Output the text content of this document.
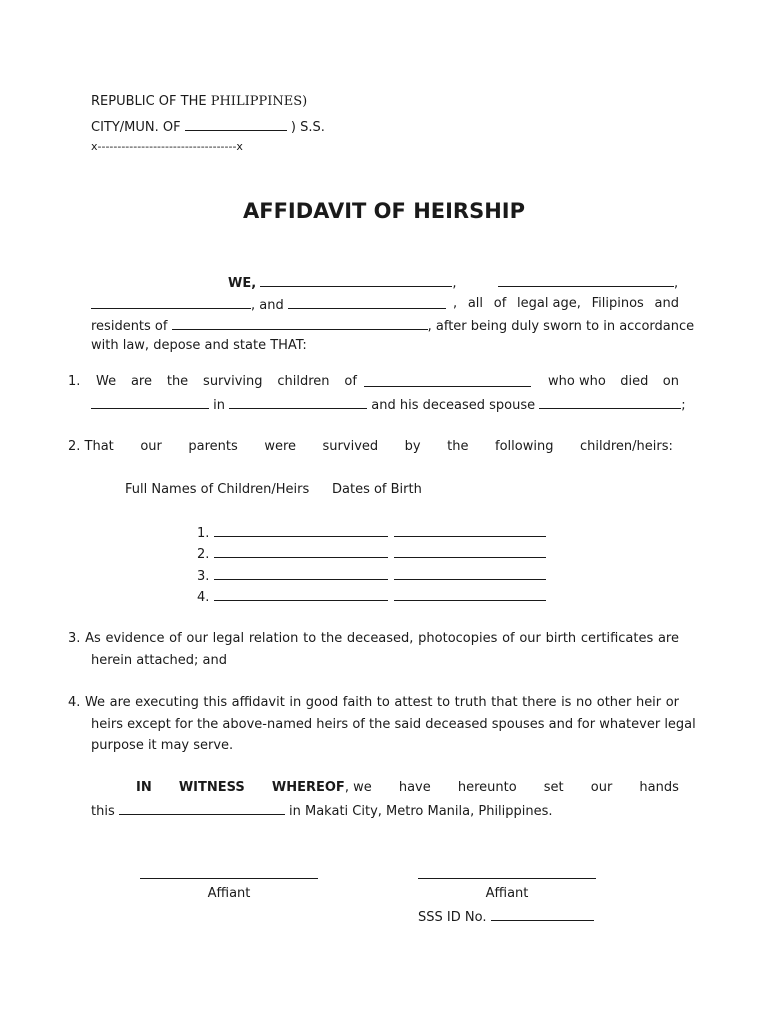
REPUBLIC OF THE PHILIPPINES)
CITY/MUN. OF	) S.S.
x-----------------------------------x
AFFIDAVIT OF HEIRSHIP
WE,	,	,
, and	, all of legal age, Filipinos and
residents of	, after being duly sworn to in accordance
with law, depose and state THAT:
1. We are the surviving children of	who who died on
in	and his deceased spouse	;
2. That our parents were survived by the following children/heirs:
Full Names of Children/Heirs Dates of Birth
1.
2.
3.
4.
3. As evidence of our legal relation to the deceased, photocopies of our birth certificates are
herein attached; and
4. We are executing this affidavit in good faith to attest to truth that there is no other heir or
heirs except for the above-named heirs of the said deceased spouses and for whatever legal
purpose it may serve.
IN WITNESS WHEREOF, we have hereunto set our hands
this	in Makati City, Metro Manila, Philippines.
Affiant	Affiant
SSS ID No.
